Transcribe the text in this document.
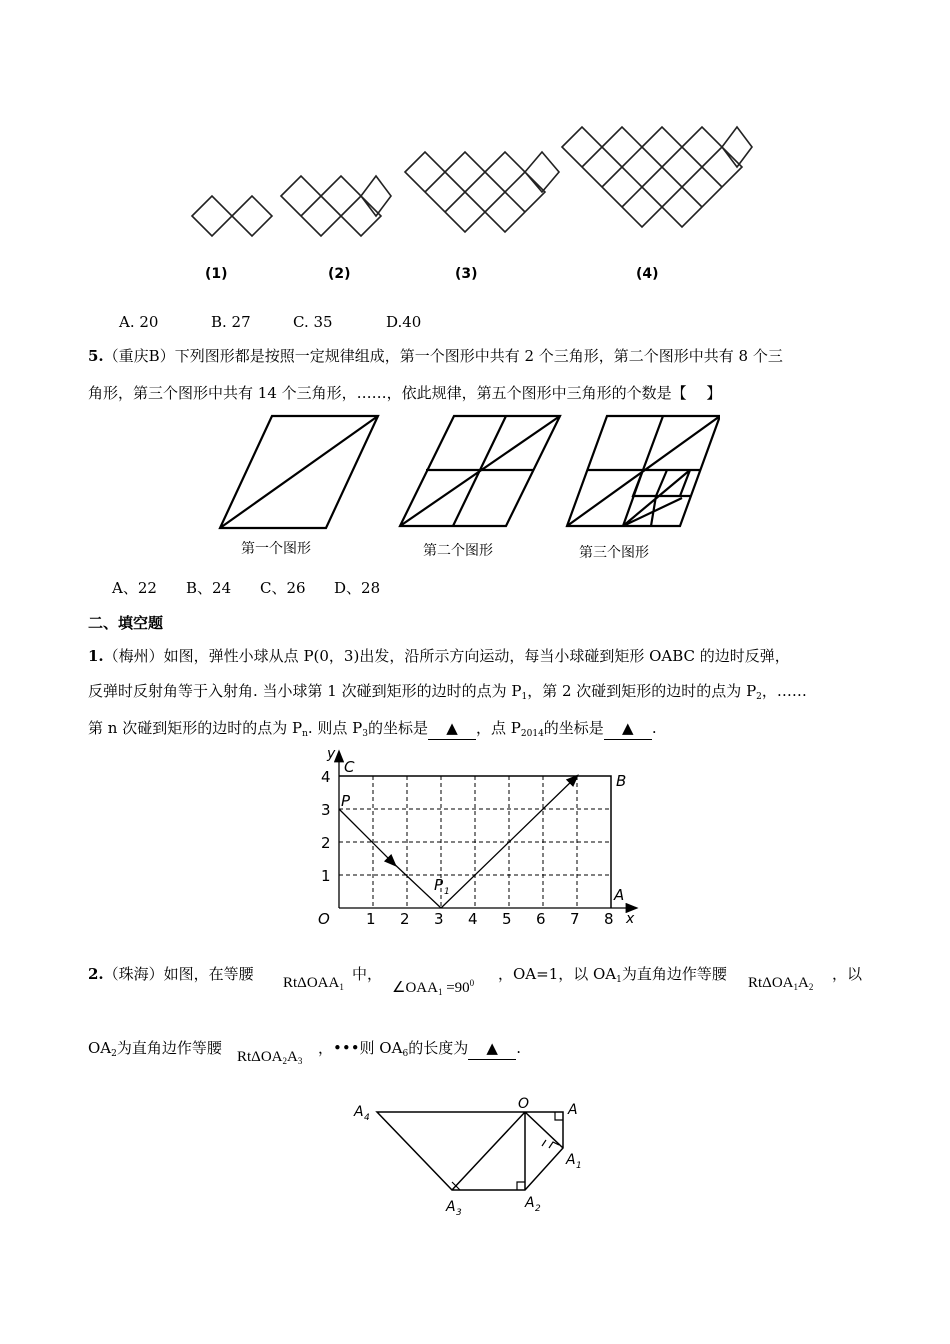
(1)	(2)	(3)	(4)
A. 20	B. 27	C. 35	D.40
5.（重庆B）下列图形都是按照一定规律组成，第一个图形中共有 2 个三角形，第二个图形中共有 8 个三
角形，第三个图形中共有 14 个三角形，……，依此规律，第五个图形中三角形的个数是【　 】
第一个图形	第二个图形	第三个图形
A、22 B、24 C、26 D、28
二、填空题
1.（梅州）如图，弹性小球从点 P(0，3)出发，沿所示方向运动，每当小球碰到矩形 OABC 的边时反弹，
反弹时反射角等于入射角. 当小球第 1 次碰到矩形的边时的点为 $P_1$，第 2 次碰到矩形的边时的点为 $P_2$，……
第 n 次碰到矩形的边时的点为 $P_n$. 则点 $P_3$的坐标是 ▲ ，点 $P_{2014}$的坐标是 ▲ .
y
x
O 1 2 3 4 5 6 7 8
1
2
3
4
C
B
A
P
P 1
2.（珠海）如图，在等腰 RtΔOAA$_1$
中，
$\angle OAA_1 =90^0$ ，OA=1，以 $OA_1$为直角边作等腰 $Rt\Delta OA_1A_2$
，以
$OA_2$为直角边作等腰 $Rt\Delta OA_2A_3$
，•••则 $OA_6$的长度为 ▲ .
O	A
A 1
A 2
A 3
A 4
